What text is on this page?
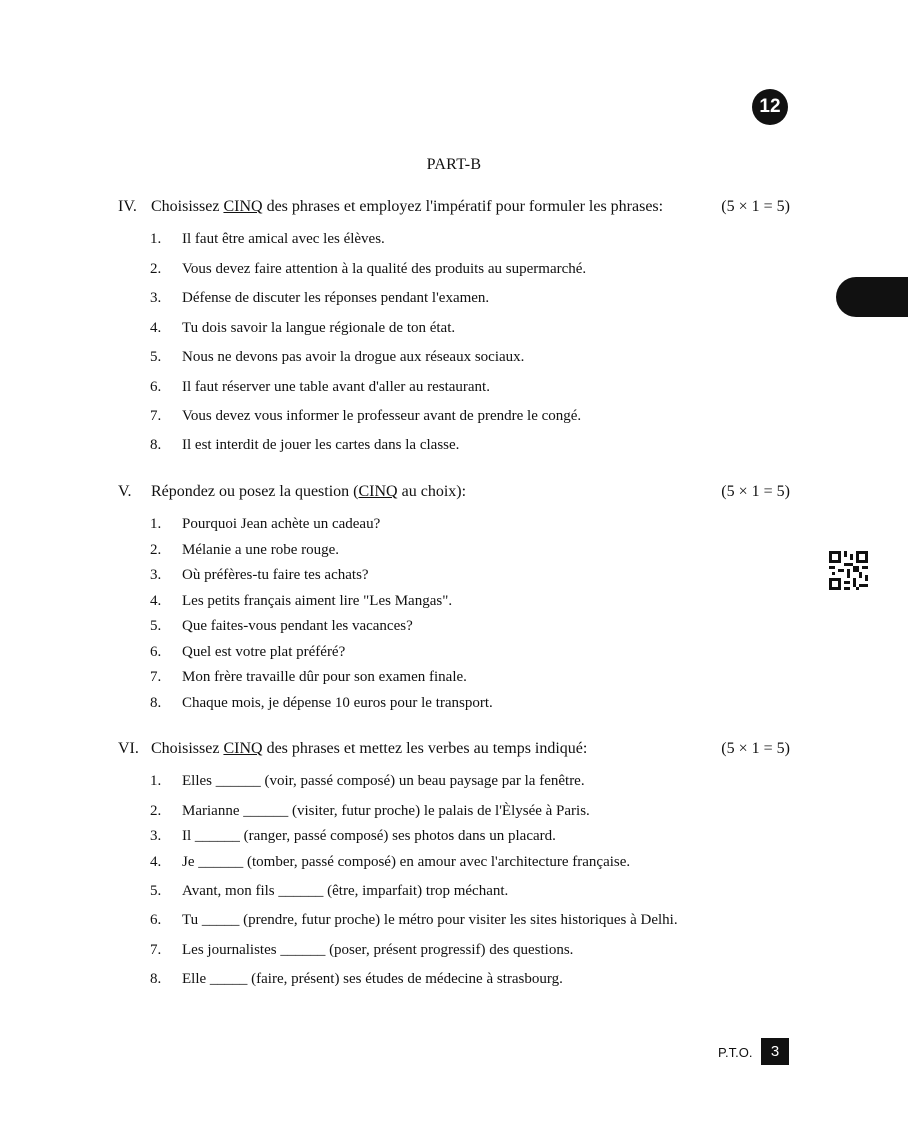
12
PART-B
IV. Choisissez CINQ des phrases et employez l'impératif pour formuler les phrases:	(5 × 1 = 5)
1. Il faut être amical avec les élèves.
2. Vous devez faire attention à la qualité des produits au supermarché.
3. Défense de discuter les réponses pendant l'examen.
4. Tu dois savoir la langue régionale de ton état.
5. Nous ne devons pas avoir la drogue aux réseaux sociaux.
6. Il faut réserver une table avant d'aller au restaurant.
7. Vous devez vous informer le professeur avant de prendre le congé.
8. Il est interdit de jouer les cartes dans la classe.
V. Répondez ou posez la question (CINQ au choix):	(5 × 1 = 5)
1. Pourquoi Jean achète un cadeau?
2. Mélanie a une robe rouge.
3. Où préfères-tu faire tes achats?
4. Les petits français aiment lire "Les Mangas".
5. Que faites-vous pendant les vacances?
6. Quel est votre plat préféré?
7. Mon frère travaille dûr pour son examen finale.
8. Chaque mois, je dépense 10 euros pour le transport.
VI. Choisissez CINQ des phrases et mettez les verbes au temps indiqué:	(5 × 1 = 5)
1. Elles ______ (voir, passé composé) un beau paysage par la fenêtre.
2. Marianne ______ (visiter, futur proche) le palais de l'Èlysée à Paris.
3. Il ______ (ranger, passé composé) ses photos dans un placard.
4. Je ______ (tomber, passé composé) en amour avec l'architecture française.
5. Avant, mon fils ______ (être, imparfait) trop méchant.
6. Tu _____ (prendre, futur proche) le métro pour visiter les sites historiques à Delhi.
7. Les journalistes ______ (poser, présent progressif) des questions.
8. Elle _____ (faire, présent) ses études de médecine à strasbourg.
P.T.O.	3
